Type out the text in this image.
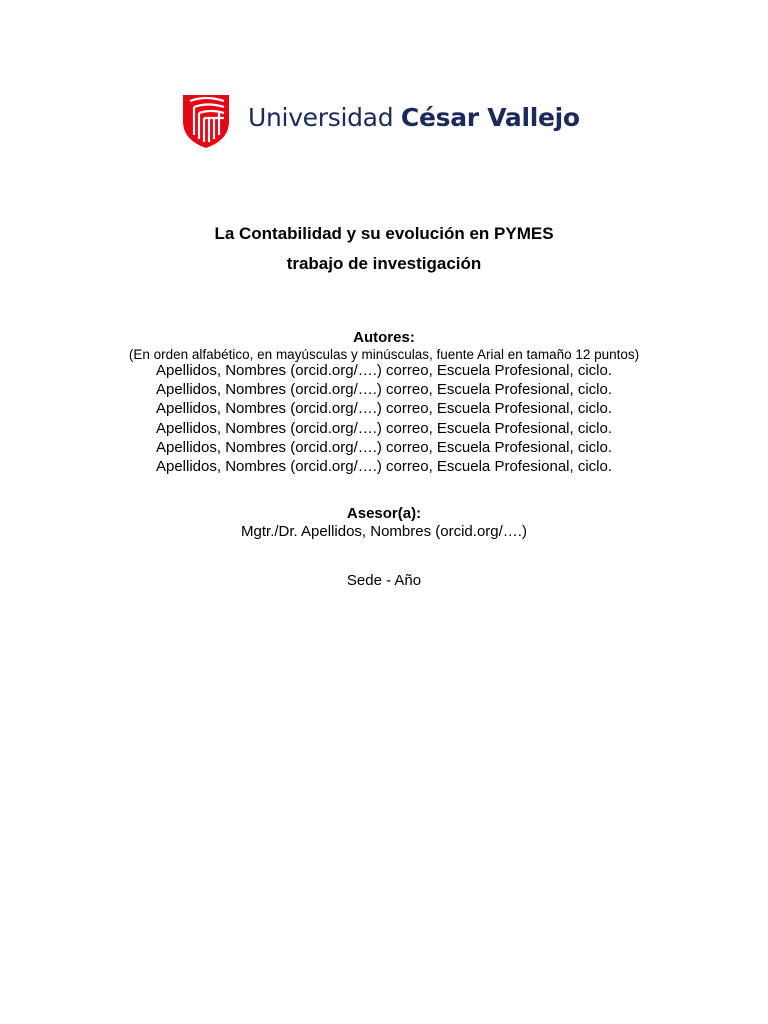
Universidad César Vallejo
La Contabilidad y su evolución en PYMES
trabajo de investigación
Autores:
(En orden alfabético, en mayúsculas y minúsculas, fuente Arial en tamaño 12 puntos)
Apellidos, Nombres (orcid.org/….) correo, Escuela Profesional, ciclo.
Apellidos, Nombres (orcid.org/….) correo, Escuela Profesional, ciclo.
Apellidos, Nombres (orcid.org/….) correo, Escuela Profesional, ciclo.
Apellidos, Nombres (orcid.org/….) correo, Escuela Profesional, ciclo.
Apellidos, Nombres (orcid.org/….) correo, Escuela Profesional, ciclo.
Apellidos, Nombres (orcid.org/….) correo, Escuela Profesional, ciclo.
Asesor(a):
Mgtr./Dr. Apellidos, Nombres (orcid.org/….)
Sede - Año
